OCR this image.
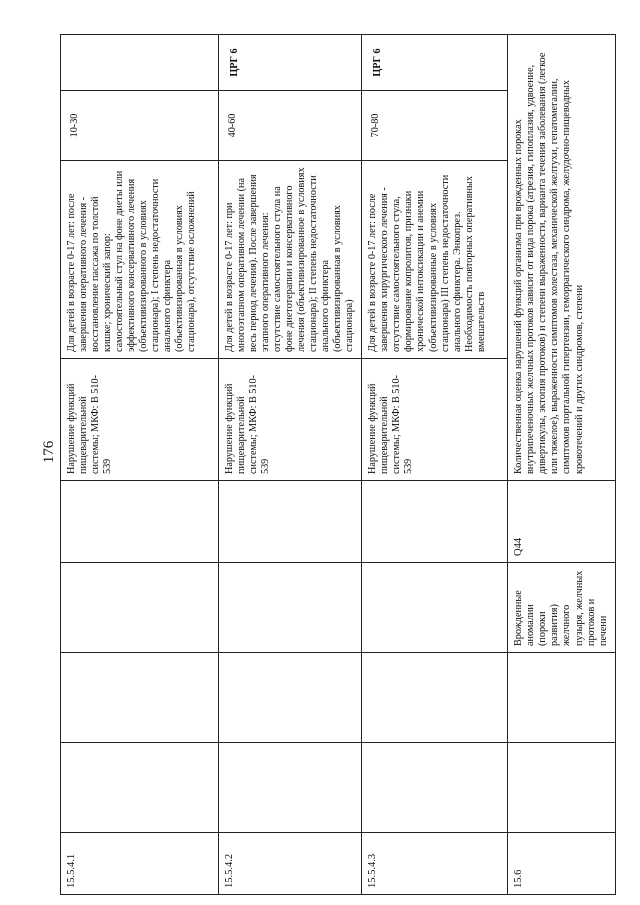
176
15.5.4.1					Нарушение функций пищеварительной системы; МКФ: B 510-539	Для детей в возрасте 0-17 лет: после завершения оперативного лечения - восстановление пассажа по толстой кишке; хронический запор: самостоятельный стул на фоне диеты или эффективного консервативного лечения (объективизированного в условиях стационара); I степень недостаточности анального сфинктера (объективизированная в условиях стационара), отсутствие осложнений	10-30	
15.5.4.2					Нарушение функций пищеварительной системы; МКФ: B 510-539	Для детей в возрасте 0-17 лет: при многоэтапном оперативном лечении (на весь период лечения). После завершения этапного оперативного лечения: отсутствие самостоятельного стула на фоне диетотерапии и консервативного лечения (объективизированное в условиях стационара); II степень недостаточности анального сфинктера (объективизированная в условиях стационара)	40-60	ЦРГ 6
15.5.4.3					Нарушение функций пищеварительной системы; МКФ: B 510-539	Для детей в возрасте 0-17 лет: после завершения хирургического лечения - отсутствие самостоятельного стула, формирование копролитов, признаки хронической интоксикации и анемии (объективизированные в условиях стационара) III степень недостаточности анального сфинктера. Энкопрез. Необходимость повторных оперативных вмешательств	70-80	ЦРГ 6
15.6			Врожденные аномалии (пороки развития) желчного пузыря, желчных протоков и печени	Q44	Количественная оценка нарушений функций организма при врожденных пороках внутрипеченочных желчных протоков зависит от вида порока (атрезия, гипоплазия, удвоение, дивертикулы, эктопия протоков) и степени выраженности, варианта течения заболевания (легкое или тяжелое), выраженности симптомов холестаза, механической желтухи, гепатомегалии, симптомов портальной гипертензии, геморрагического синдрома, желудочно-пищеводных кровотечений и других синдромов, степени			
